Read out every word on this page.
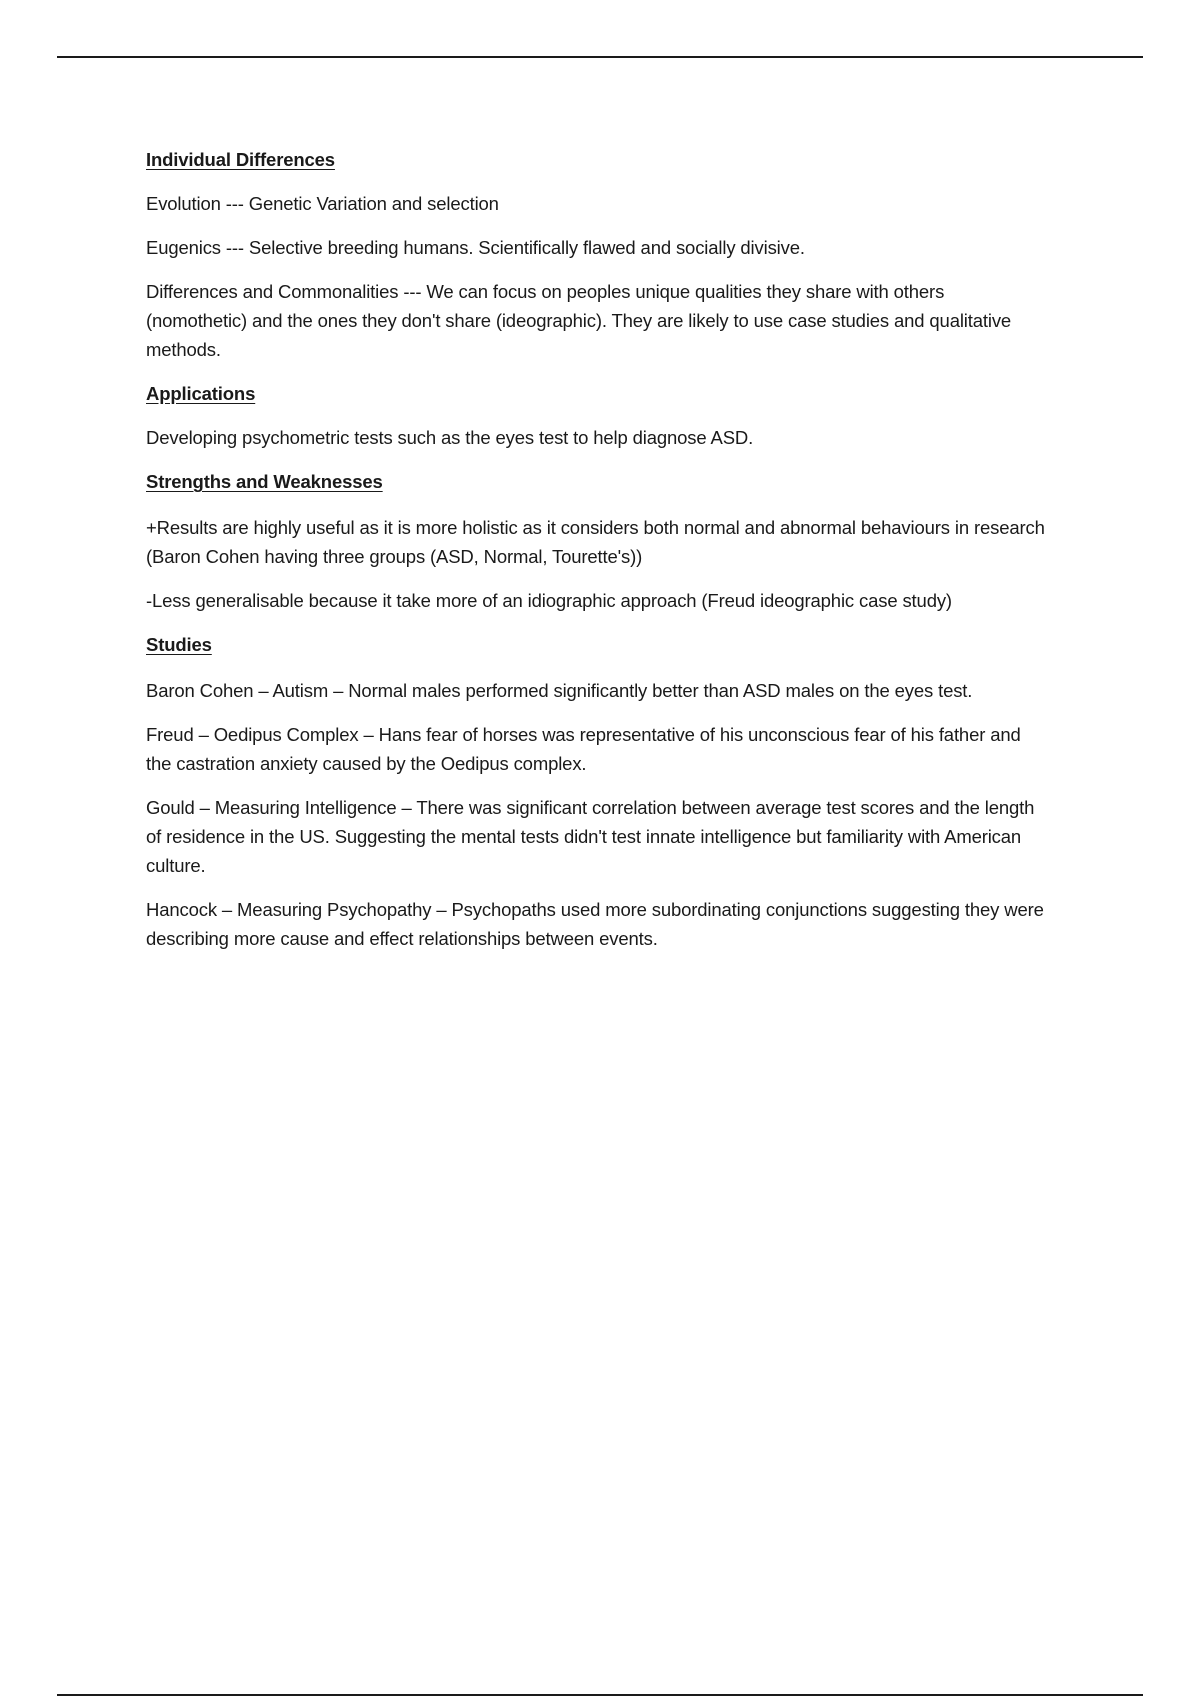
Individual Differences

Evolution --- Genetic Variation and selection

Eugenics --- Selective breeding humans. Scientifically flawed and socially divisive.

Differences and Commonalities --- We can focus on peoples unique qualities they share with others (nomothetic) and the ones they don't share (ideographic). They are likely to use case studies and qualitative methods.

Applications

Developing psychometric tests such as the eyes test to help diagnose ASD.

Strengths and Weaknesses

+Results are highly useful as it is more holistic as it considers both normal and abnormal behaviours in research (Baron Cohen having three groups (ASD, Normal, Tourette's))

-Less generalisable because it take more of an idiographic approach (Freud ideographic case study)

Studies

Baron Cohen – Autism – Normal males performed significantly better than ASD males on the eyes test.

Freud – Oedipus Complex – Hans fear of horses was representative of his unconscious fear of his father and the castration anxiety caused by the Oedipus complex.

Gould – Measuring Intelligence – There was significant correlation between average test scores and the length of residence in the US. Suggesting the mental tests didn't test innate intelligence but familiarity with American culture.

Hancock – Measuring Psychopathy – Psychopaths used more subordinating conjunctions suggesting they were describing more cause and effect relationships between events.
